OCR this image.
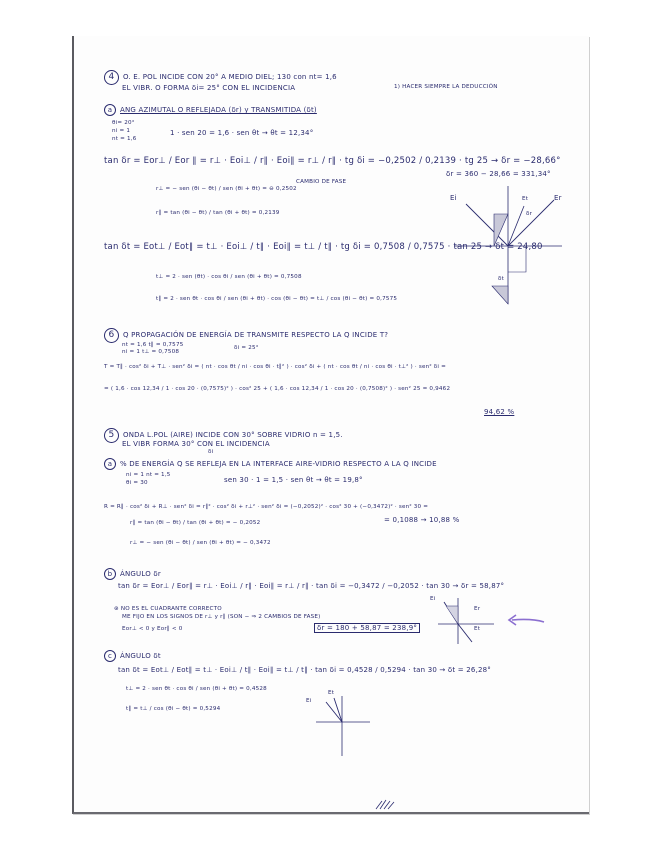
4 O. E. POL INCIDE CON 20° A MEDIO DIEL; 130 con nt= 1,6
EL VIBR. O FORMA δi= 25° CON EL INCIDENCIA	1) HACER SIEMPRE LA DEDUCCIÓN
a ANG AZIMUTAL O REFLEJADA (δr) y TRANSMITIDA (δt)
θi= 20°
ni = 1
nt = 1,6
1 · sen 20 = 1,6 · sen θt → θt = 12,34°
tan δr = Eor⊥ / Eor ∥ = r⊥ · Eoi⊥ / r∥ · Eoi∥ = r⊥ / r∥ · tg δi = −0,2502 / 0,2139 · tg 25 → δr = −28,66°
δr = 360 − 28,66 = 331,34°
r⊥ = − sen (θi − θt) / sen (θi + θt) = ⊖ 0,2502
CAMBIO DE FASE
r∥ = tan (θi − θt) / tan (θi + θt) = 0,2139
Ei	Er
Et
δr
δt
tan δt = Eot⊥ / Eot∥ = t⊥ · Eoi⊥ / t∥ · Eoi∥ = t⊥ / t∥ · tg δi = 0,7508 / 0,7575 · tan 25 → δt = 24,80
t⊥ = 2 · sen (θt) · cos θi / sen (θi + θt) = 0,7508
t∥ = 2 · sen θt · cos θi / sen (θi + θt) · cos (θi − θt) = t⊥ / cos (θi − θt) = 0,7575
6 Q PROPAGACIÓN DE ENERGÍA DE TRANSMITE RESPECTO LA Q INCIDE T?
nt = 1,6 t∥ = 0,7575
ni = 1 t⊥ = 0,7508
δi = 25°
T = T∥ · cos² δi + T⊥ · sen² δi = ( nt · cos θt / ni · cos θi · t∥² ) · cos² δi + ( nt · cos θt / ni · cos θi · t⊥² ) · sen² δi =
= ( 1,6 · cos 12,34 / 1 · cos 20 · (0,7575)² ) · cos² 25 + ( 1,6 · cos 12,34 / 1 · cos 20 · (0,7508)² ) · sen² 25 = 0,9462
94,62 %
5 ONDA L.POL (AIRE) INCIDE CON 30° SOBRE VIDRIO n = 1,5.
EL VIBR FORMA 30° CON EL INCIDENCIA
δi
a % DE ENERGÍA Q SE REFLEJA EN LA INTERFACE AIRE-VIDRIO RESPECTO A LA Q INCIDE
ni = 1 nt = 1,5
θi = 30	sen 30 · 1 = 1,5 · sen θt → θt = 19,8°
R = R∥ · cos² δi + R⊥ · sen² δi = r∥² · cos² δi + r⊥² · sen² δi = (−0,2052)² · cos² 30 + (−0,3472)² · sen² 30 =
= 0,1088 → 10,88 %
r∥ = tan (θi − θt) / tan (θi + θt) = − 0,2052
r⊥ = − sen (θi − θt) / sen (θi + θt) = − 0,3472
b ÁNGULO δr
tan δr = Eor⊥ / Eor∥ = r⊥ · Eoi⊥ / r∥ · Eoi∥ = r⊥ / r∥ · tan δi = −0,3472 / −0,2052 · tan 30 → δr = 58,87°
⊛ NO ES EL CUADRANTE CORRECTO
ME FIJO EN LOS SIGNOS DE r⊥ y r∥ (SON − ⇒ 2 CAMBIOS DE FASE)
Eor⊥ < 0 y Eor∥ < 0	δr = 180 + 58,87 = 238,9°
Ei
Er
Et
c ÁNGULO δt
tan δt = Eot⊥ / Eot∥ = t⊥ · Eoi⊥ / t∥ · Eoi∥ = t⊥ / t∥ · tan δi = 0,4528 / 0,5294 · tan 30 → δt = 26,28°
t⊥ = 2 · sen θt · cos θi / sen (θi + θt) = 0,4528
t∥ = t⊥ / cos (θi − θt) = 0,5294
Ei
Et
